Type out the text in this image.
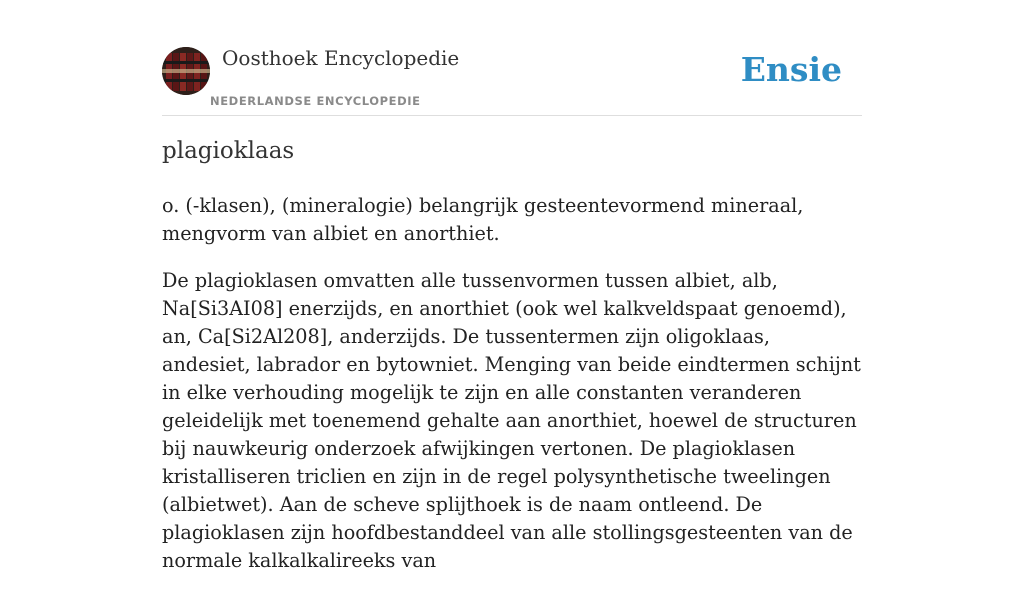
Oosthoek Encyclopedie
NEDERLANDSE ENCYCLOPEDIE
Ensie
plagioklaas

o. (-klasen), (mineralogie) belangrijk gesteentevormend mineraal, mengvorm van albiet en anorthiet.

De plagioklasen omvatten alle tussenvormen tussen albiet, alb, Na[Si3AI08] enerzijds, en anorthiet (ook wel kalkveldspaat genoemd), an, Ca[Si2Al208], anderzijds. De tussentermen zijn oligoklaas, andesiet, labrador en bytowniet. Menging van beide eindtermen schijnt in elke verhouding mogelijk te zijn en alle constanten veranderen geleidelijk met toenemend gehalte aan anorthiet, hoewel de structuren bij nauwkeurig onderzoek afwijkingen vertonen. De plagioklasen kristalliseren triclien en zijn in de regel polysynthetische tweelingen (albietwet). Aan de scheve splijthoek is de naam ontleend. De plagioklasen zijn hoofdbestanddeel van alle stollingsgesteenten van de normale kalkalkalireeks van
